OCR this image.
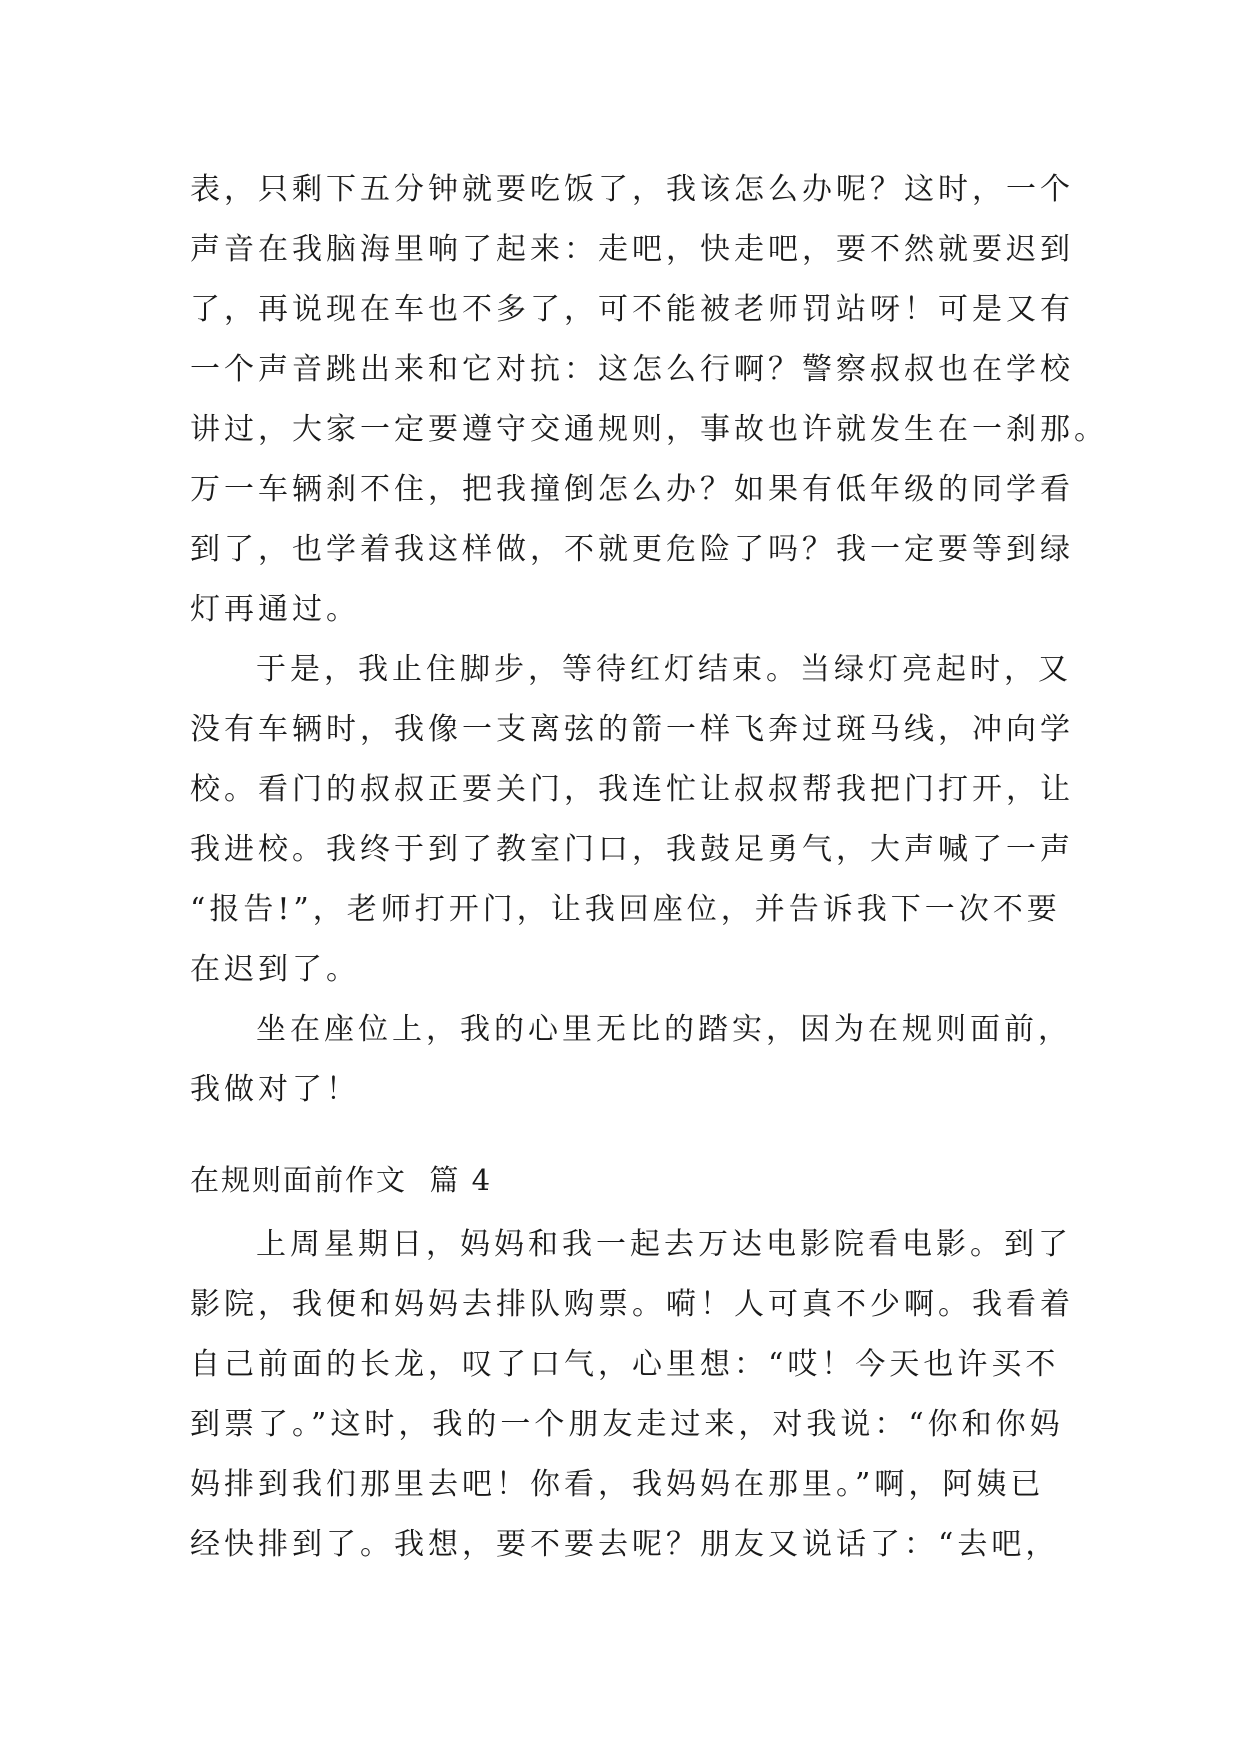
表，只剩下五分钟就要吃饭了，我该怎么办呢？这时，一个
声音在我脑海里响了起来：走吧，快走吧，要不然就要迟到
了，再说现在车也不多了，可不能被老师罚站呀！可是又有
一个声音跳出来和它对抗：这怎么行啊？警察叔叔也在学校
讲过，大家一定要遵守交通规则，事故也许就发生在一刹那。
万一车辆刹不住，把我撞倒怎么办？如果有低年级的同学看
到了，也学着我这样做，不就更危险了吗？我一定要等到绿
灯再通过。
于是，我止住脚步，等待红灯结束。当绿灯亮起时，又
没有车辆时，我像一支离弦的箭一样飞奔过斑马线，冲向学
校。看门的叔叔正要关门，我连忙让叔叔帮我把门打开，让
我进校。我终于到了教室门口，我鼓足勇气，大声喊了一声
“报告!”，老师打开门，让我回座位，并告诉我下一次不要
在迟到了。
坐在座位上，我的心里无比的踏实，因为在规则面前，
我做对了！
在规则面前作文  篇 4
上周星期日，妈妈和我一起去万达电影院看电影。到了
影院，我便和妈妈去排队购票。嗬！人可真不少啊。我看着
自己前面的长龙，叹了口气，心里想：“哎！今天也许买不
到票了。”这时，我的一个朋友走过来，对我说：“你和你妈
妈排到我们那里去吧！你看，我妈妈在那里。”啊，阿姨已
经快排到了。我想，要不要去呢？朋友又说话了：“去吧，
